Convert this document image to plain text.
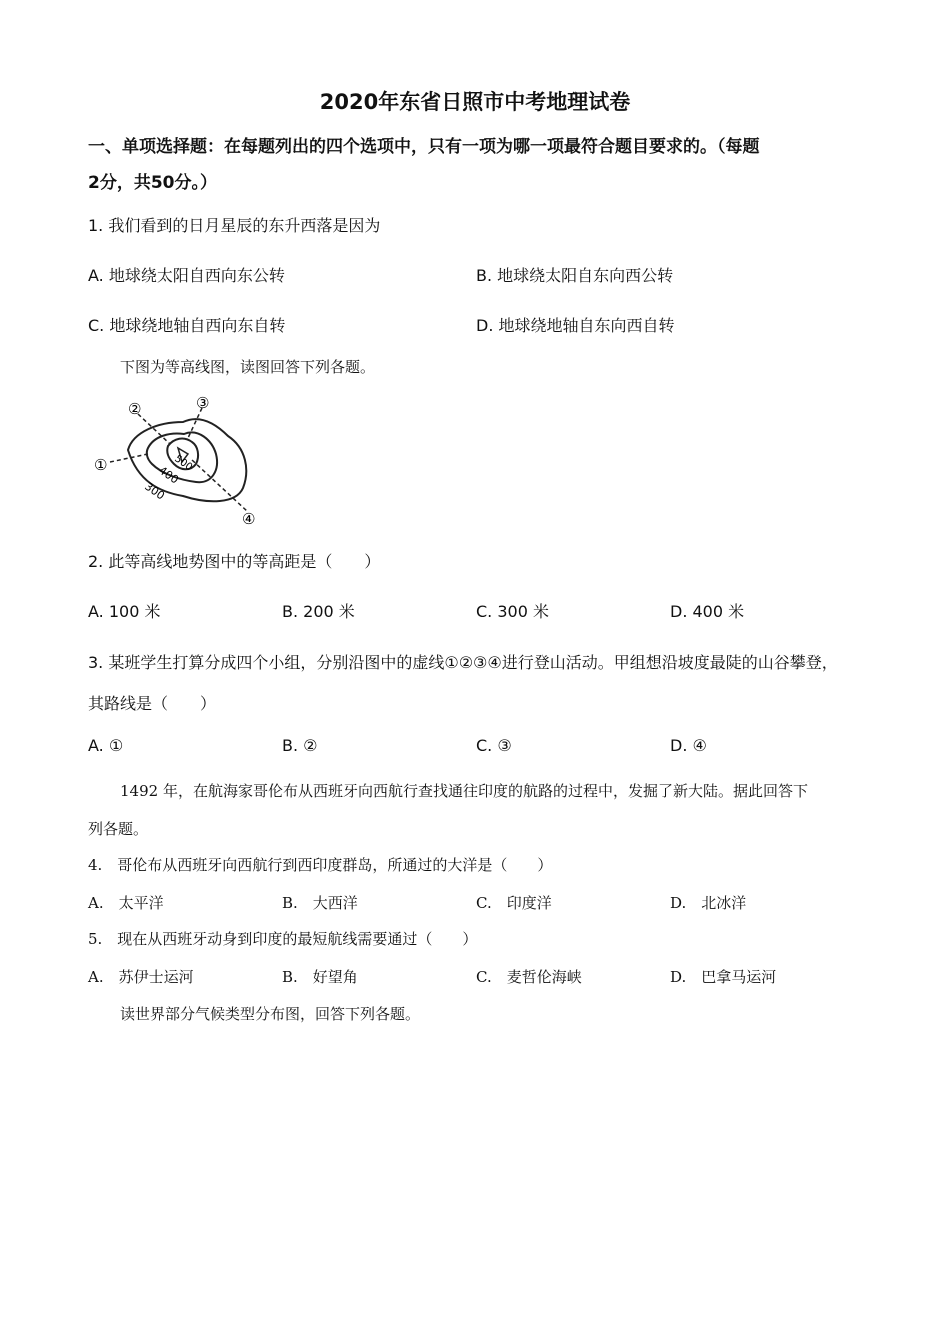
2020年东省日照市中考地理试卷
一、单项选择题：在每题列出的四个选项中，只有一项为哪一项最符合题目要求的。（每题
2分，共50分。）
1. 我们看到的日月星辰的东升西落是因为
A. 地球绕太阳自西向东公转	B. 地球绕太阳自东向西公转
C. 地球绕地轴自西向东自转	D. 地球绕地轴自东向西自转
下图为等高线图，读图回答下列各题。
①
②	③
④
300
400
500
2. 此等高线地势图中的等高距是（　　）
A. 100 米	B. 200 米	C. 300 米	D. 400 米
3. 某班学生打算分成四个小组，分别沿图中的虚线①②③④进行登山活动。甲组想沿坡度最陡的山谷攀登，
其路线是（　　）
A. ①	B. ②	C. ③	D. ④
1492 年，在航海家哥伦布从西班牙向西航行查找通往印度的航路的过程中，发掘了新大陆。据此回答下
列各题。
4.　哥伦布从西班牙向西航行到西印度群岛，所通过的大洋是（　　）
A.　太平洋	B.　大西洋	C.　印度洋	D.　北冰洋
5.　现在从西班牙动身到印度的最短航线需要通过（　　）
A.　苏伊士运河	B.　好望角	C.　麦哲伦海峡	D.　巴拿马运河
读世界部分气候类型分布图，回答下列各题。
